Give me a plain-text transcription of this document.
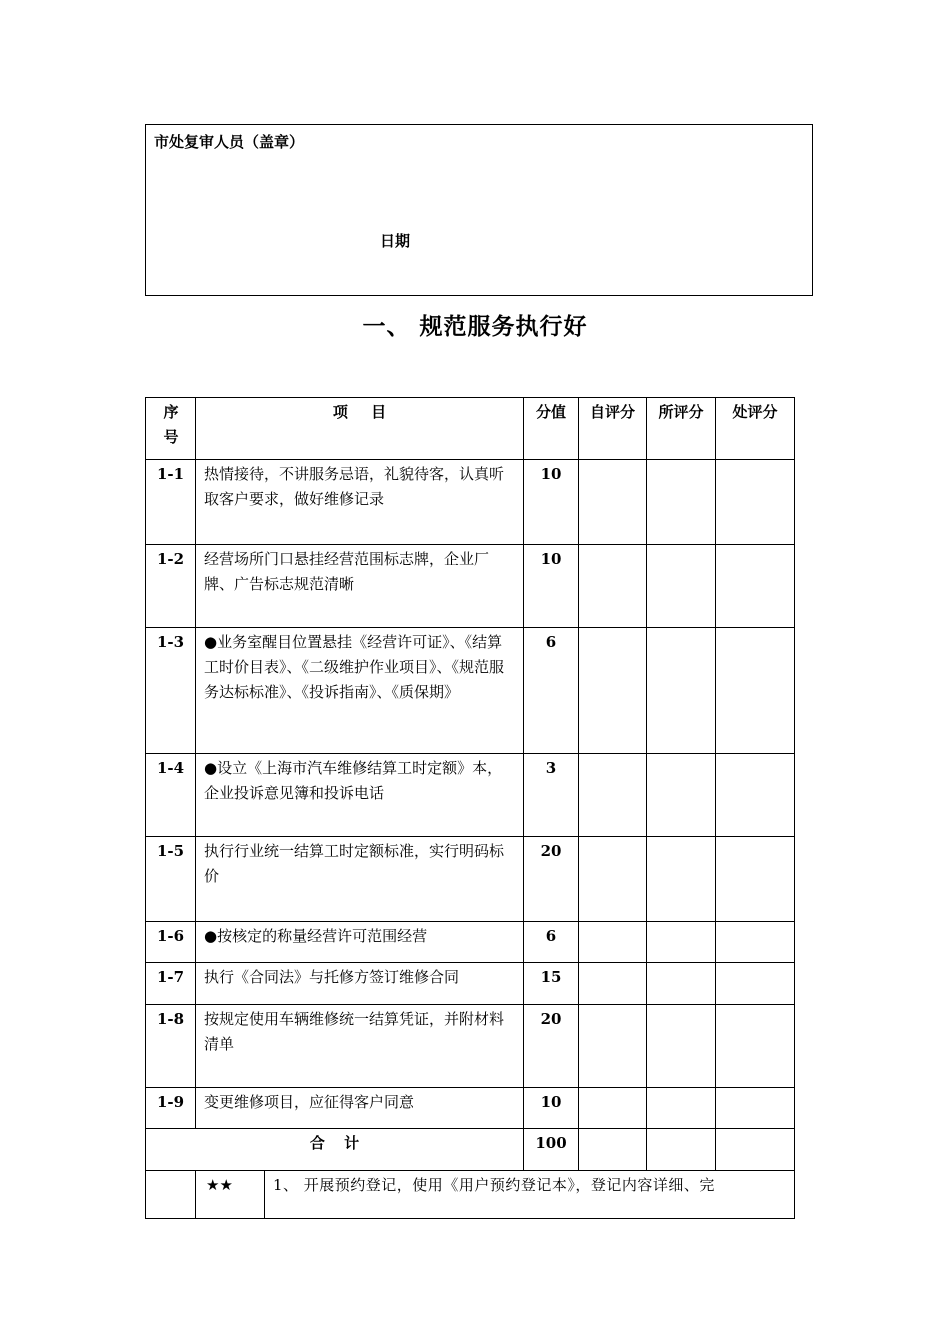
市处复审人员（盖章）
日期
一、 规范服务执行好
序号	项 目		分值	自评分	所评分	处评分
1-1	热情接待，不讲服务忌语，礼貌待客，认真听取客户要求，做好维修记录		10			
1-2	经营场所门口悬挂经营范围标志牌，企业厂牌、广告标志规范清晰		10			
1-3	●业务室醒目位置悬挂《经营许可证》、《结算工时价目表》、《二级维护作业项目》、《规范服务达标标准》、《投诉指南》、《质保期》		6			
1-4	●设立《上海市汽车维修结算工时定额》本，企业投诉意见簿和投诉电话		3			
1-5	执行行业统一结算工时定额标准，实行明码标价		20			
1-6	●按核定的称量经营许可范围经营		6			
1-7	执行《合同法》与托修方签订维修合同		15			
1-8	按规定使用车辆维修统一结算凭证，并附材料清单		20			
1-9	变更维修项目，应征得客户同意		10			
合 计			100			
	★★	1、 开展预约登记，使用《用户预约登记本》，登记内容详细、完				
